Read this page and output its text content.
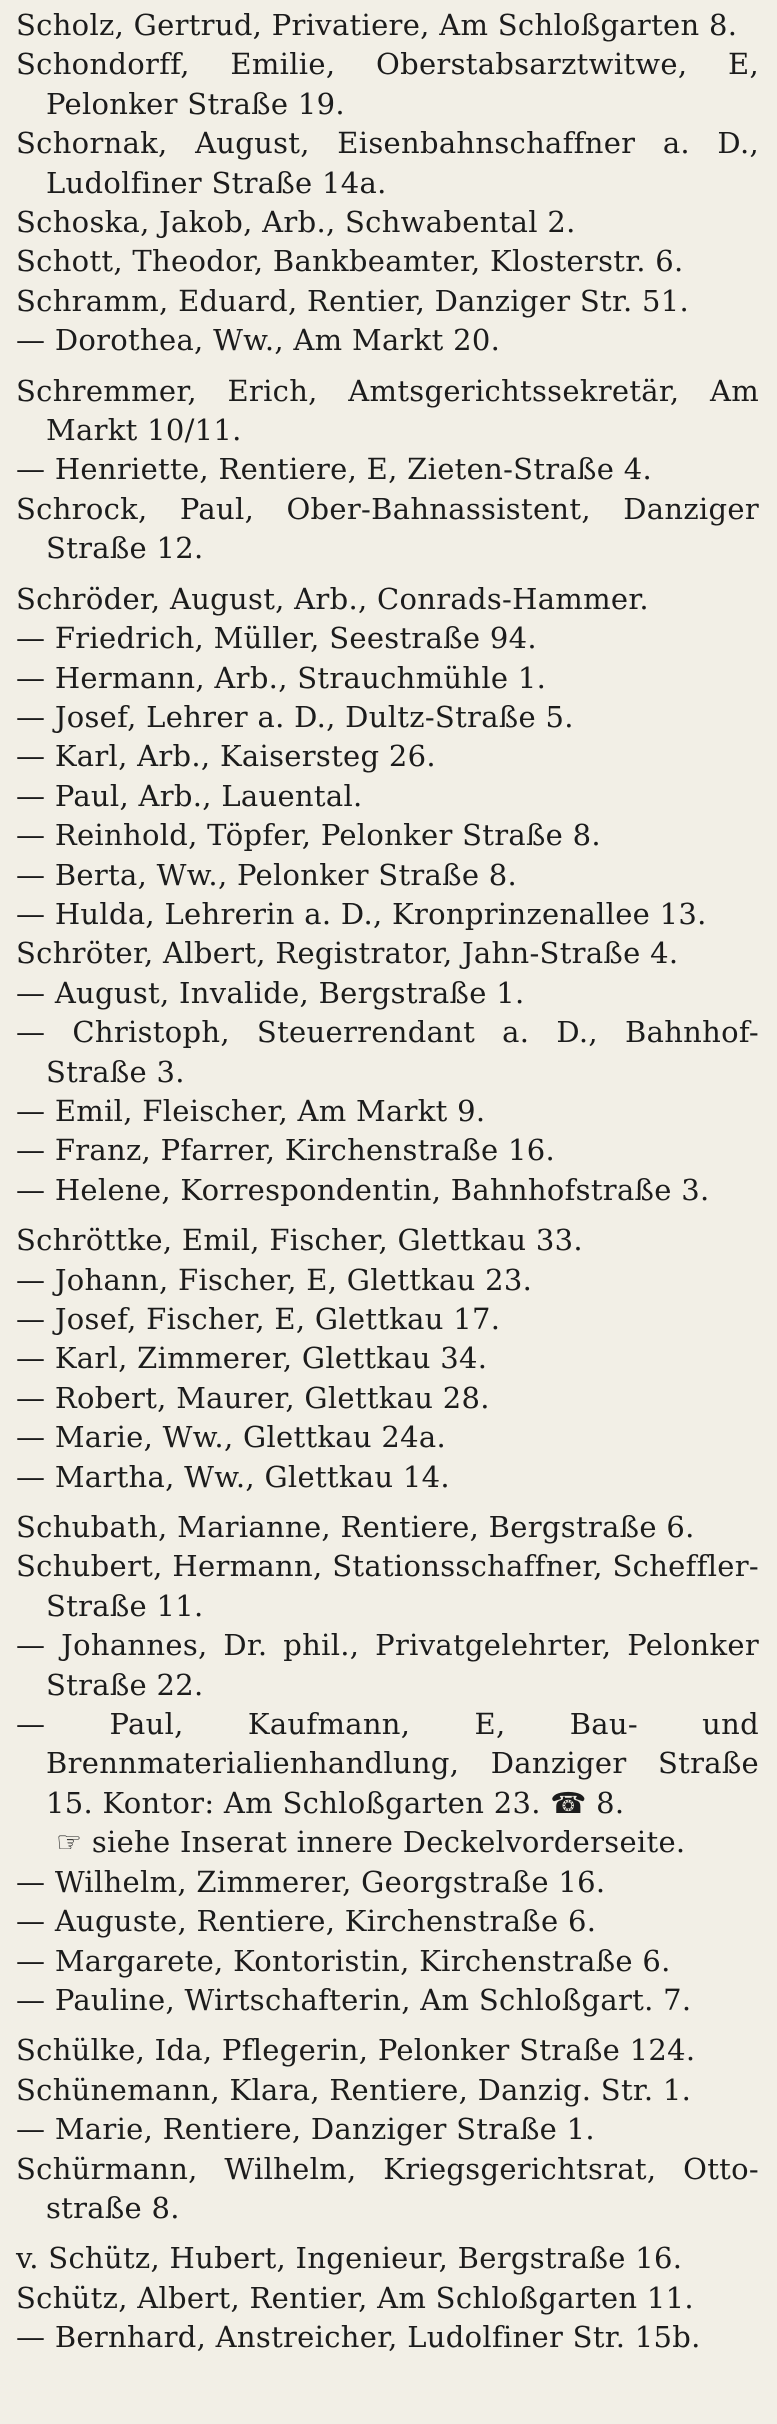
Scholz, Gertrud, Privatiere, Am Schloßgarten 8.
Schondorff, Emilie, Oberstabsarztwitwe, E, Pelonker Straße 19.
Schornak, August, Eisenbahnschaffner a. D., Ludolfiner Straße 14a.
Schoska, Jakob, Arb., Schwabental 2.
Schott, Theodor, Bankbeamter, Klosterstr. 6.
Schramm, Eduard, Rentier, Danziger Str. 51.
— Dorothea, Ww., Am Markt 20.
Schremmer, Erich, Amtsgerichtssekretär, Am Markt 10/11.
— Henriette, Rentiere, E, Zieten-Straße 4.
Schrock, Paul, Ober-Bahnassistent, Danziger Straße 12.
Schröder, August, Arb., Conrads-Hammer.
— Friedrich, Müller, Seestraße 94.
— Hermann, Arb., Strauchmühle 1.
— Josef, Lehrer a. D., Dultz-Straße 5.
— Karl, Arb., Kaisersteg 26.
— Paul, Arb., Lauental.
— Reinhold, Töpfer, Pelonker Straße 8.
— Berta, Ww., Pelonker Straße 8.
— Hulda, Lehrerin a. D., Kronprinzenallee 13.
Schröter, Albert, Registrator, Jahn-Straße 4.
— August, Invalide, Bergstraße 1.
— Christoph, Steuerrendant a. D., Bahnhof-Straße 3.
— Emil, Fleischer, Am Markt 9.
— Franz, Pfarrer, Kirchenstraße 16.
— Helene, Korrespondentin, Bahnhofstraße 3.
Schröttke, Emil, Fischer, Glettkau 33.
— Johann, Fischer, E, Glettkau 23.
— Josef, Fischer, E, Glettkau 17.
— Karl, Zimmerer, Glettkau 34.
— Robert, Maurer, Glettkau 28.
— Marie, Ww., Glettkau 24a.
— Martha, Ww., Glettkau 14.
Schubath, Marianne, Rentiere, Bergstraße 6.
Schubert, Hermann, Stationsschaffner, Scheffler-Straße 11.
— Johannes, Dr. phil., Privatgelehrter, Pelonker Straße 22.
— Paul, Kaufmann, E, Bau- und Brennmaterialienhandlung, Danziger Straße 15. Kontor: Am Schloßgarten 23. ☎ 8.
☞ siehe Inserat innere Deckelvorderseite.
— Wilhelm, Zimmerer, Georgstraße 16.
— Auguste, Rentiere, Kirchenstraße 6.
— Margarete, Kontoristin, Kirchenstraße 6.
— Pauline, Wirtschafterin, Am Schloßgart. 7.
Schülke, Ida, Pflegerin, Pelonker Straße 124.
Schünemann, Klara, Rentiere, Danzig. Str. 1.
— Marie, Rentiere, Danziger Straße 1.
Schürmann, Wilhelm, Kriegsgerichtsrat, Otto-straße 8.
v. Schütz, Hubert, Ingenieur, Bergstraße 16.
Schütz, Albert, Rentier, Am Schloßgarten 11.
— Bernhard, Anstreicher, Ludolfiner Str. 15b.
